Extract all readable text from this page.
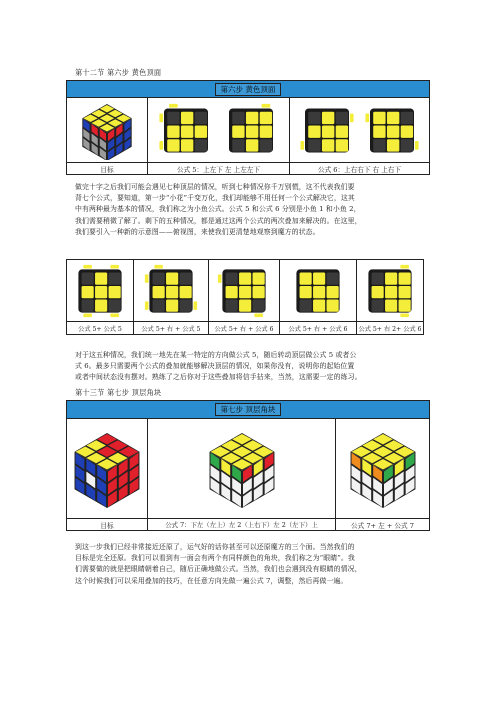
第十二节 第六步 黄色顶面
第六步 黄色顶面		

目标	公式 5：上左下 左 上左左下	公式 6：上右右下 右 上右下
做完十字之后我们可能会遇见七种顶层的情况，听到七种情况你千万别慌，这不代表我们要
背七个公式，要知道，第一步“小花”千变万化，我们却能够不用任何一个公式解决它，这其
中有两种最为基本的情况，我们称之为小鱼公式。公式 5 和公式 6 分别是小鱼 1 和小鱼 2，
我们需要稍微了解了。剩下的五种情况，都是通过这两个公式的两次叠加来解决的。在这里，
我们要引入一种新的示意图——俯视图，来使我们更清楚地观察到魔方的状态。

公式 5+ 公式 5	公式 5+ 右 + 公式 5	公式 5+ 右 + 公式 6	公式 5+ 右 + 公式 6	公式 5+ 右 2+ 公式 6
对于这五种情况，我们统一地先在某一特定的方向做公式 5，随后转动顶层做公式 5 或者公
式 6。最多只需要两个公式的叠加就能够解决顶层的情况，如果你没有，说明你的起始位置
或者中间状态没有摆对。熟练了之后你对于这些叠加将信手拈来，当然，这需要一定的练习。
第十三节 第七步 顶层角块
第七步 顶层角块		

目标	公式 7：下左（左上）左 2（上右下）左 2（左下）上	公式 7+ 左 + 公式 7
到这一步我们已经非常接近还原了，运气好的话你甚至可以还原魔方的三个面。当然我们的
目标是完全还原。我们可以看到有一面会有两个有同样颜色的角块，我们称之为“眼睛”。我
们需要做的就是把眼睛朝着自己，随后正确地做公式。当然，我们也会遇到没有眼睛的情况，
这个时候我们可以采用叠加的技巧，在任意方向先做一遍公式 7，调整，然后再做一遍。
